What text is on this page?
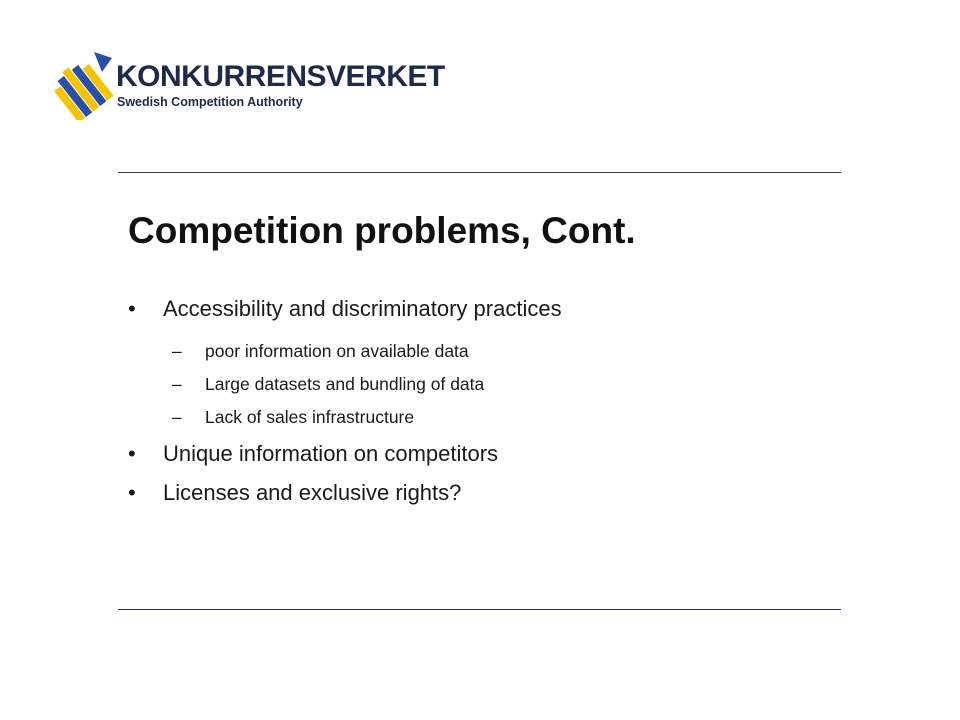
KONKURRENSVERKET
Swedish Competition Authority
Competition problems, Cont.
• Accessibility and discriminatory practices
– poor information on available data
– Large datasets and bundling of data
– Lack of sales infrastructure
• Unique information on competitors
• Licenses and exclusive rights?
